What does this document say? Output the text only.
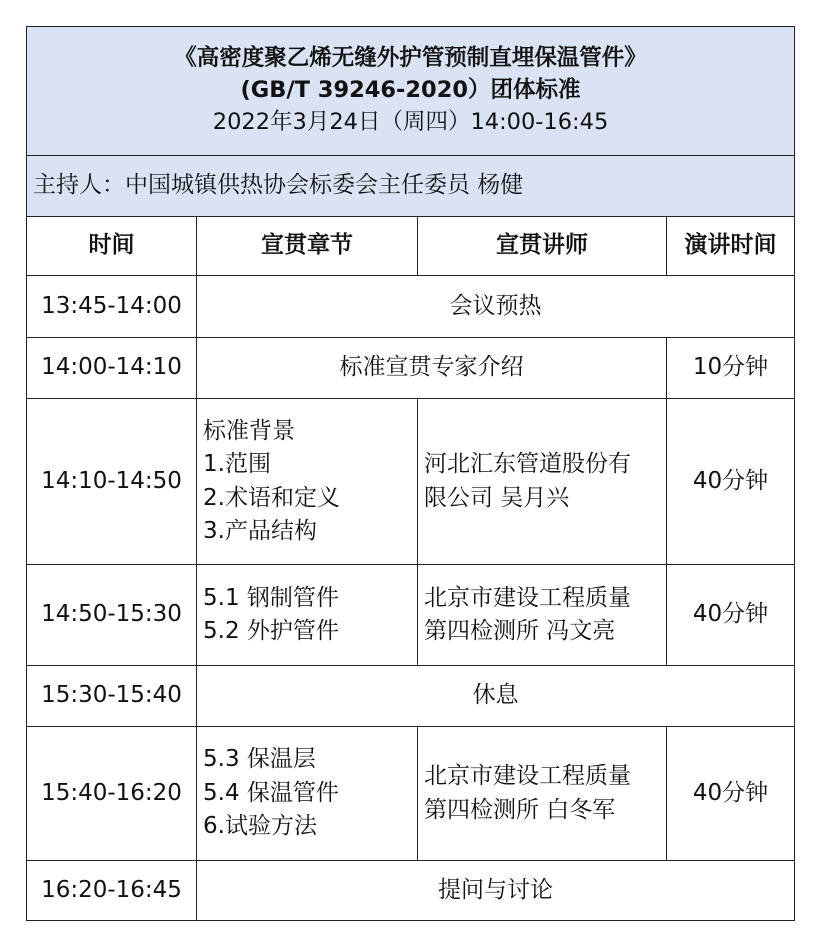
《高密度聚乙烯无缝外护管预制直埋保温管件》
(GB/T 39246-2020）团体标准
2022年3月24日（周四）14:00-16:45			

主持人：中国城镇供热协会标委会主任委员 杨健			
时间	宣贯章节	宣贯讲师	演讲时间
13:45-14:00	会议预热		
14:00-14:10	标准宣贯专家介绍		10分钟
14:10-14:50	标准背景
1.范围
2.术语和定义
3.产品结构	河北汇东管道股份有
限公司 吴月兴	40分钟
14:50-15:30	5.1 钢制管件
5.2 外护管件	北京市建设工程质量
第四检测所 冯文亮	40分钟
15:30-15:40	休息		
15:40-16:20	5.3 保温层
5.4 保温管件
6.试验方法	北京市建设工程质量
第四检测所 白冬军	40分钟
16:20-16:45	提问与讨论		
